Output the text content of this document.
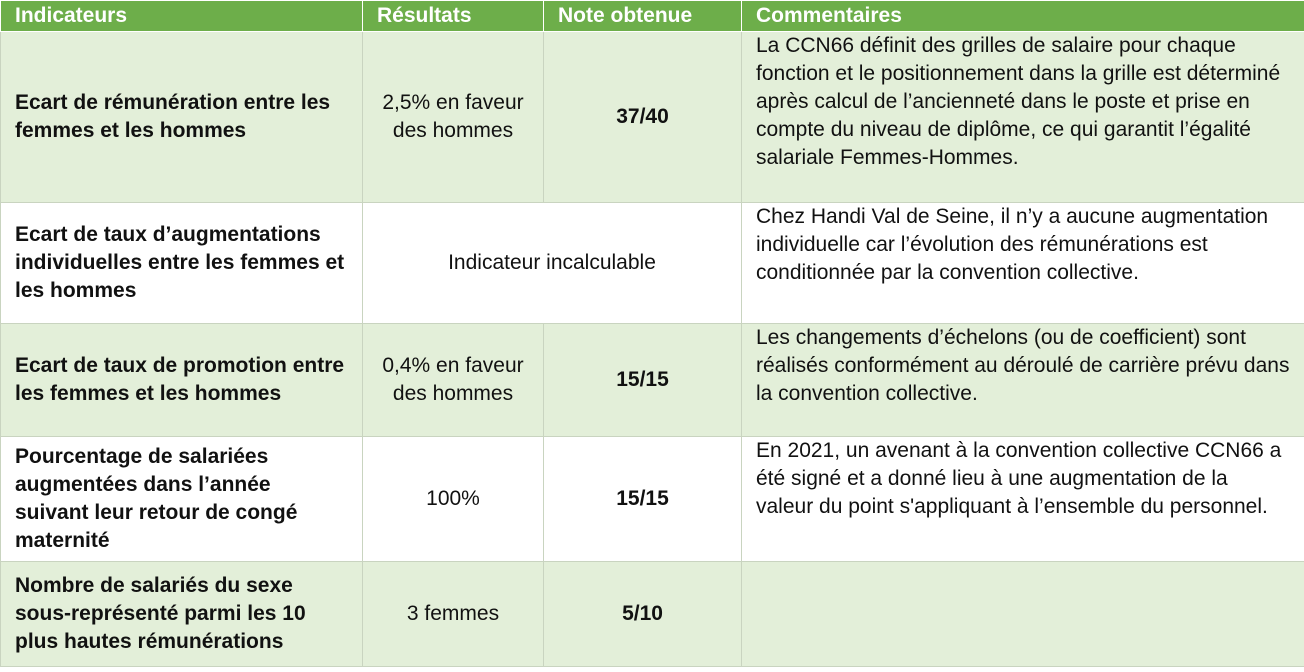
Indicateurs	Résultats	Note obtenue	Commentaires
Ecart de rémunération entre les femmes et les hommes	2,5% en faveur des hommes	37/40	La CCN66 définit des grilles de salaire pour chaque fonction et le positionnement dans la grille est déterminé après calcul de l’ancienneté dans le poste et prise en compte du niveau de diplôme, ce qui garantit l’égalité salariale Femmes-Hommes.
Ecart de taux d’augmentations individuelles entre les femmes et les hommes	Indicateur incalculable		Chez Handi Val de Seine, il n’y a aucune augmentation individuelle car l’évolution des rémunérations est conditionnée par la convention collective.
Ecart de taux de promotion entre les femmes et les hommes	0,4% en faveur des hommes	15/15	Les changements d’échelons (ou de coefficient) sont réalisés conformément au déroulé de carrière prévu dans la convention collective.
Pourcentage de salariées augmentées dans l’année suivant leur retour de congé maternité	100%	15/15	En 2021, un avenant à la convention collective CCN66 a été signé et a donné lieu à une augmentation de la valeur du point s'appliquant à l’ensemble du personnel.
Nombre de salariés du sexe sous-représenté parmi les 10 plus hautes rémunérations	3 femmes	5/10	
